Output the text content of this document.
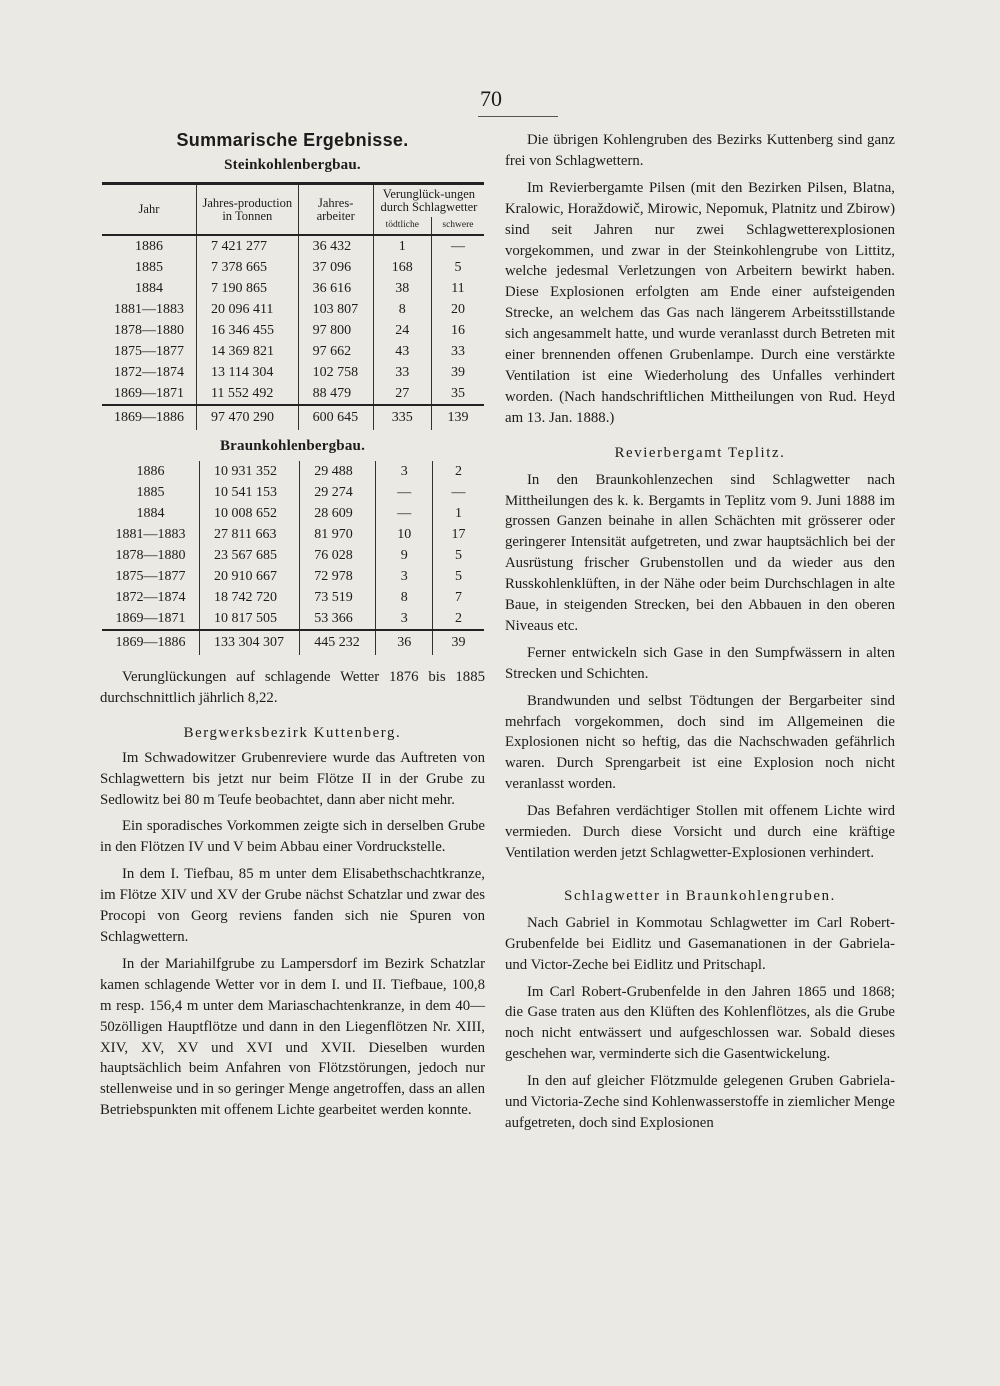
70
Summarische Ergebnisse.
Steinkohlenbergbau.
Jahr	Jahres-production in Tonnen	Jahres-arbeiter	Verunglück-ungen durch Schlagwetter	
			tödtliche	schwere
1886	7 421 277	36 432	1	—
1885	7 378 665	37 096	168	5
1884	7 190 865	36 616	38	11
1881—1883	20 096 411	103 807	8	20
1878—1880	16 346 455	97 800	24	16
1875—1877	14 369 821	97 662	43	33
1872—1874	13 114 304	102 758	33	39
1869—1871	11 552 492	88 479	27	35
1869—1886	97 470 290	600 645	335	139
Braunkohlenbergbau.
1886	10 931 352	29 488	3	2
1885	10 541 153	29 274	—	—
1884	10 008 652	28 609	—	1
1881—1883	27 811 663	81 970	10	17
1878—1880	23 567 685	76 028	9	5
1875—1877	20 910 667	72 978	3	5
1872—1874	18 742 720	73 519	8	7
1869—1871	10 817 505	53 366	3	2
1869—1886	133 304 307	445 232	36	39

Verunglückungen auf schlagende Wetter 1876 bis 1885 durchschnittlich jährlich 8,22.

Bergwerksbezirk Kuttenberg.

Im Schwadowitzer Grubenreviere wurde das Auftreten von Schlagwettern bis jetzt nur beim Flötze II in der Grube zu Sedlowitz bei 80 m Teufe beobachtet, dann aber nicht mehr.

Ein sporadisches Vorkommen zeigte sich in derselben Grube in den Flötzen IV und V beim Abbau einer Vordruckstelle.

In dem I. Tiefbau, 85 m unter dem Elisabethschachtkranze, im Flötze XIV und XV der Grube nächst Schatzlar und zwar des Procopi von Georg reviens fanden sich nie Spuren von Schlagwettern.

In der Mariahilfgrube zu Lampersdorf im Bezirk Schatzlar kamen schlagende Wetter vor in dem I. und II. Tiefbaue, 100,8 m resp. 156,4 m unter dem Mariaschachtenkranze, in dem 40—50zölligen Hauptflötze und dann in den Liegenflötzen Nr. XIII, XIV, XV, XV und XVI und XVII. Dieselben wurden hauptsächlich beim Anfahren von Flötzstörungen, jedoch nur stellenweise und in so geringer Menge angetroffen, dass an allen Betriebspunkten mit offenem Lichte gearbeitet werden konnte.

Die übrigen Kohlengruben des Bezirks Kuttenberg sind ganz frei von Schlagwettern.

Im Revierbergamte Pilsen (mit den Bezirken Pilsen, Blatna, Kralowic, Horaždowič, Mirowic, Nepomuk, Platnitz und Zbirow) sind seit Jahren nur zwei Schlagwetterexplosionen vorgekommen, und zwar in der Steinkohlengrube von Littitz, welche jedesmal Verletzungen von Arbeitern bewirkt haben. Diese Explosionen erfolgten am Ende einer aufsteigenden Strecke, an welchem das Gas nach längerem Arbeitsstillstande sich angesammelt hatte, und wurde veranlasst durch Betreten mit einer brennenden offenen Grubenlampe. Durch eine verstärkte Ventilation ist eine Wiederholung des Unfalles verhindert worden. (Nach handschriftlichen Mittheilungen von Rud. Heyd am 13. Jan. 1888.)

Revierbergamt Teplitz.

In den Braunkohlenzechen sind Schlagwetter nach Mittheilungen des k. k. Bergamts in Teplitz vom 9. Juni 1888 im grossen Ganzen beinahe in allen Schächten mit grösserer oder geringerer Intensität aufgetreten, und zwar hauptsächlich bei der Ausrüstung frischer Grubenstollen und da wieder aus den Russkohlenklüften, in der Nähe oder beim Durchschlagen in alte Baue, in steigenden Strecken, bei den Abbauen in den oberen Niveaus etc.

Ferner entwickeln sich Gase in den Sumpfwässern in alten Strecken und Schichten.

Brandwunden und selbst Tödtungen der Bergarbeiter sind mehrfach vorgekommen, doch sind im Allgemeinen die Explosionen nicht so heftig, das die Nachschwaden gefährlich waren. Durch Sprengarbeit ist eine Explosion noch nicht veranlasst worden.

Das Befahren verdächtiger Stollen mit offenem Lichte wird vermieden. Durch diese Vorsicht und durch eine kräftige Ventilation werden jetzt Schlagwetter-Explosionen verhindert.

Schlagwetter in Braunkohlengruben.

Nach Gabriel in Kommotau Schlagwetter im Carl Robert-Grubenfelde bei Eidlitz und Gasemanationen in der Gabriela- und Victor-Zeche bei Eidlitz und Pritschapl.

Im Carl Robert-Grubenfelde in den Jahren 1865 und 1868; die Gase traten aus den Klüften des Kohlenflötzes, als die Grube noch nicht entwässert und aufgeschlossen war. Sobald dieses geschehen war, verminderte sich die Gasentwickelung.

In den auf gleicher Flötzmulde gelegenen Gruben Gabriela- und Victoria-Zeche sind Kohlenwasserstoffe in ziemlicher Menge aufgetreten, doch sind Explosionen
